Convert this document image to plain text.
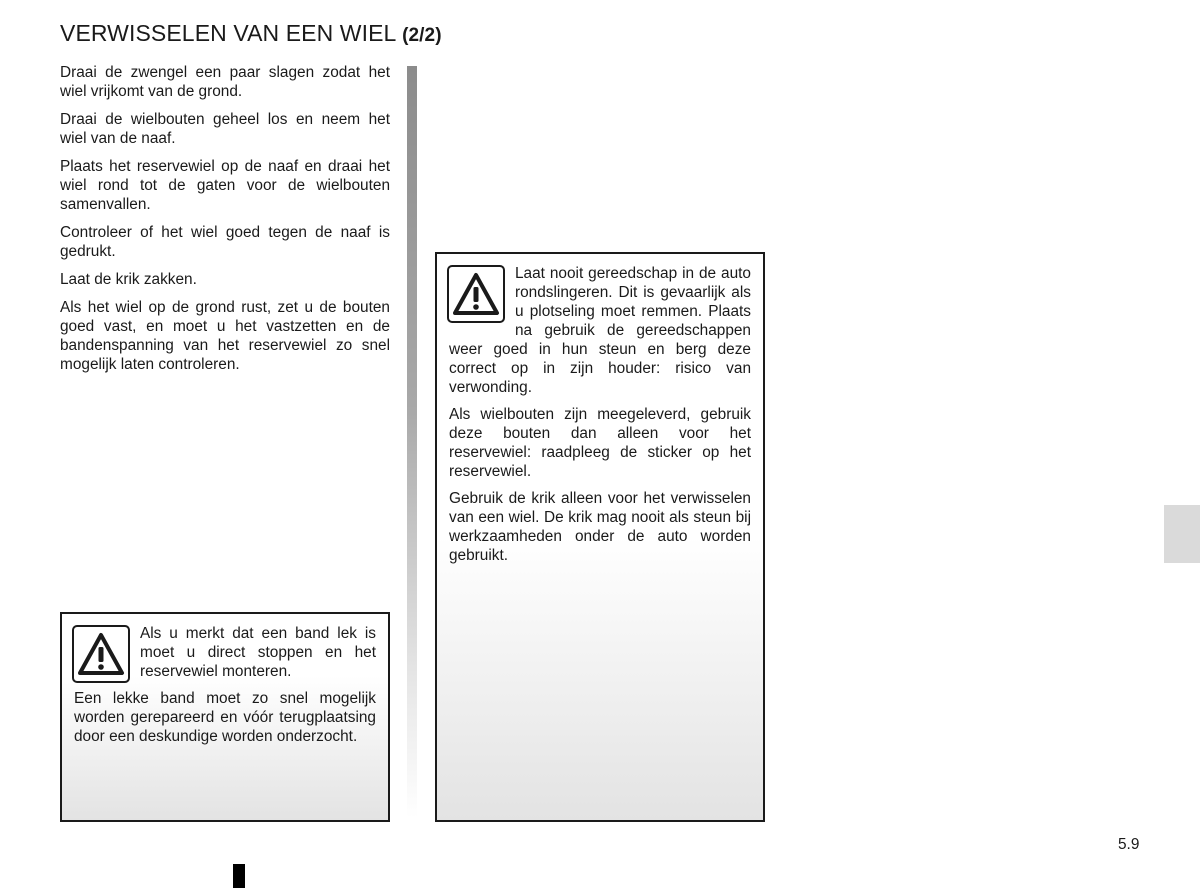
VERWISSELEN VAN EEN WIEL (2/2)

Draai de zwengel een paar slagen zodat het wiel vrijkomt van de grond.

Draai de wielbouten geheel los en neem het wiel van de naaf.

Plaats het reservewiel op de naaf en draai het wiel rond tot de gaten voor de wielbouten samenvallen.

Controleer of het wiel goed tegen de naaf is gedrukt.

Laat de krik zakken.

Als het wiel op de grond rust, zet u de bouten goed vast, en moet u het vastzetten en de bandenspanning van het reservewiel zo snel mogelijk laten controleren.

Als u merkt dat een band lek is moet u direct stoppen en het reservewiel monteren.

Een lekke band moet zo snel mogelijk worden gerepareerd en vóór terugplaatsing door een deskundige worden onderzocht.

Laat nooit gereedschap in de auto rondslingeren. Dit is gevaarlijk als u plotseling moet remmen. Plaats na gebruik de gereedschappen weer goed in hun steun en berg deze correct op in zijn houder: risico van verwonding.

Als wielbouten zijn meegeleverd, gebruik deze bouten dan alleen voor het reservewiel: raadpleeg de sticker op het reservewiel.

Gebruik de krik alleen voor het verwisselen van een wiel. De krik mag nooit als steun bij werkzaamheden onder de auto worden gebruikt.

5.9
